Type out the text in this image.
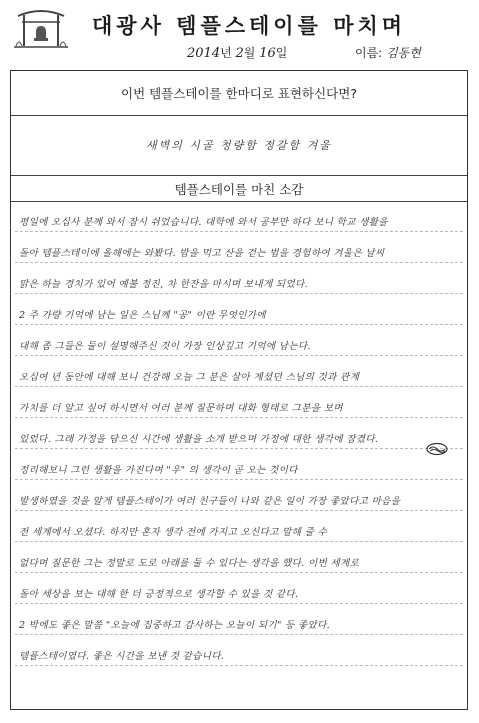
대광사 템플스테이를 마치며
2014년 2월 16일	이름: 김동현
이번 템플스테이를 한마디로 표현하신다면?
새벽의 시골 청량함 정갈함 겨울
템플스테이를 마친 소감
평일에 오십사 분께 와서 잠시 쉬었습니다. 대학에 와서 공부만 하다 보니 학교 생활을
돌아 템플스테이에 올해에는 와봤다. 밥을 먹고 산을 걷는 법을 경험하여 겨울은 날씨
맑은 하늘 경치가 있어 예불 정진, 차 한잔을 마시며 보내게 되었다.
2 주 가량 기억에 남는 일은 스님께 "공" 이란 무엇인가에
대해 좀 그들은 둘이 설명해주신 것이 가장 인상깊고 기억에 남는다.
오십여 년 동안에 대해 보니 건강해 오늘 그 분은 살아 계셨던 스님의 것과 관계
가치를 더 알고 싶어 하시면서 여러 분께 질문하며 대화 형태로 그분을 보며
있었다. 그래 가정을 담으신 시간에 생활을 소개 받으며 가정에 대한 생각에 잠겼다.
정리해보니 그런 생활을 가진다며 "우" 의 생각이 곧 오는 것이다
발생하였을 것을 알게 템플스테이가 여러 친구들이 나와 같은 일이 가장 좋았다고 마음을
전 세계에서 오셨다. 하지만 혼자 생각 전에 가지고 오신다고 말해 줄 수
없다며 질문한 그는 정말로 도로 아래를 둘 수 있다는 생각을 했다. 이번 세계로
돌아 세상을 보는 대해 한 더 긍정적으로 생각할 수 있을 것 같다.
2 박에도 좋은 말씀 "오늘에 집중하고 감사하는 오늘이 되기" 등 좋았다.
템플스테이였다. 좋은 시간을 보낸 것 같습니다.
